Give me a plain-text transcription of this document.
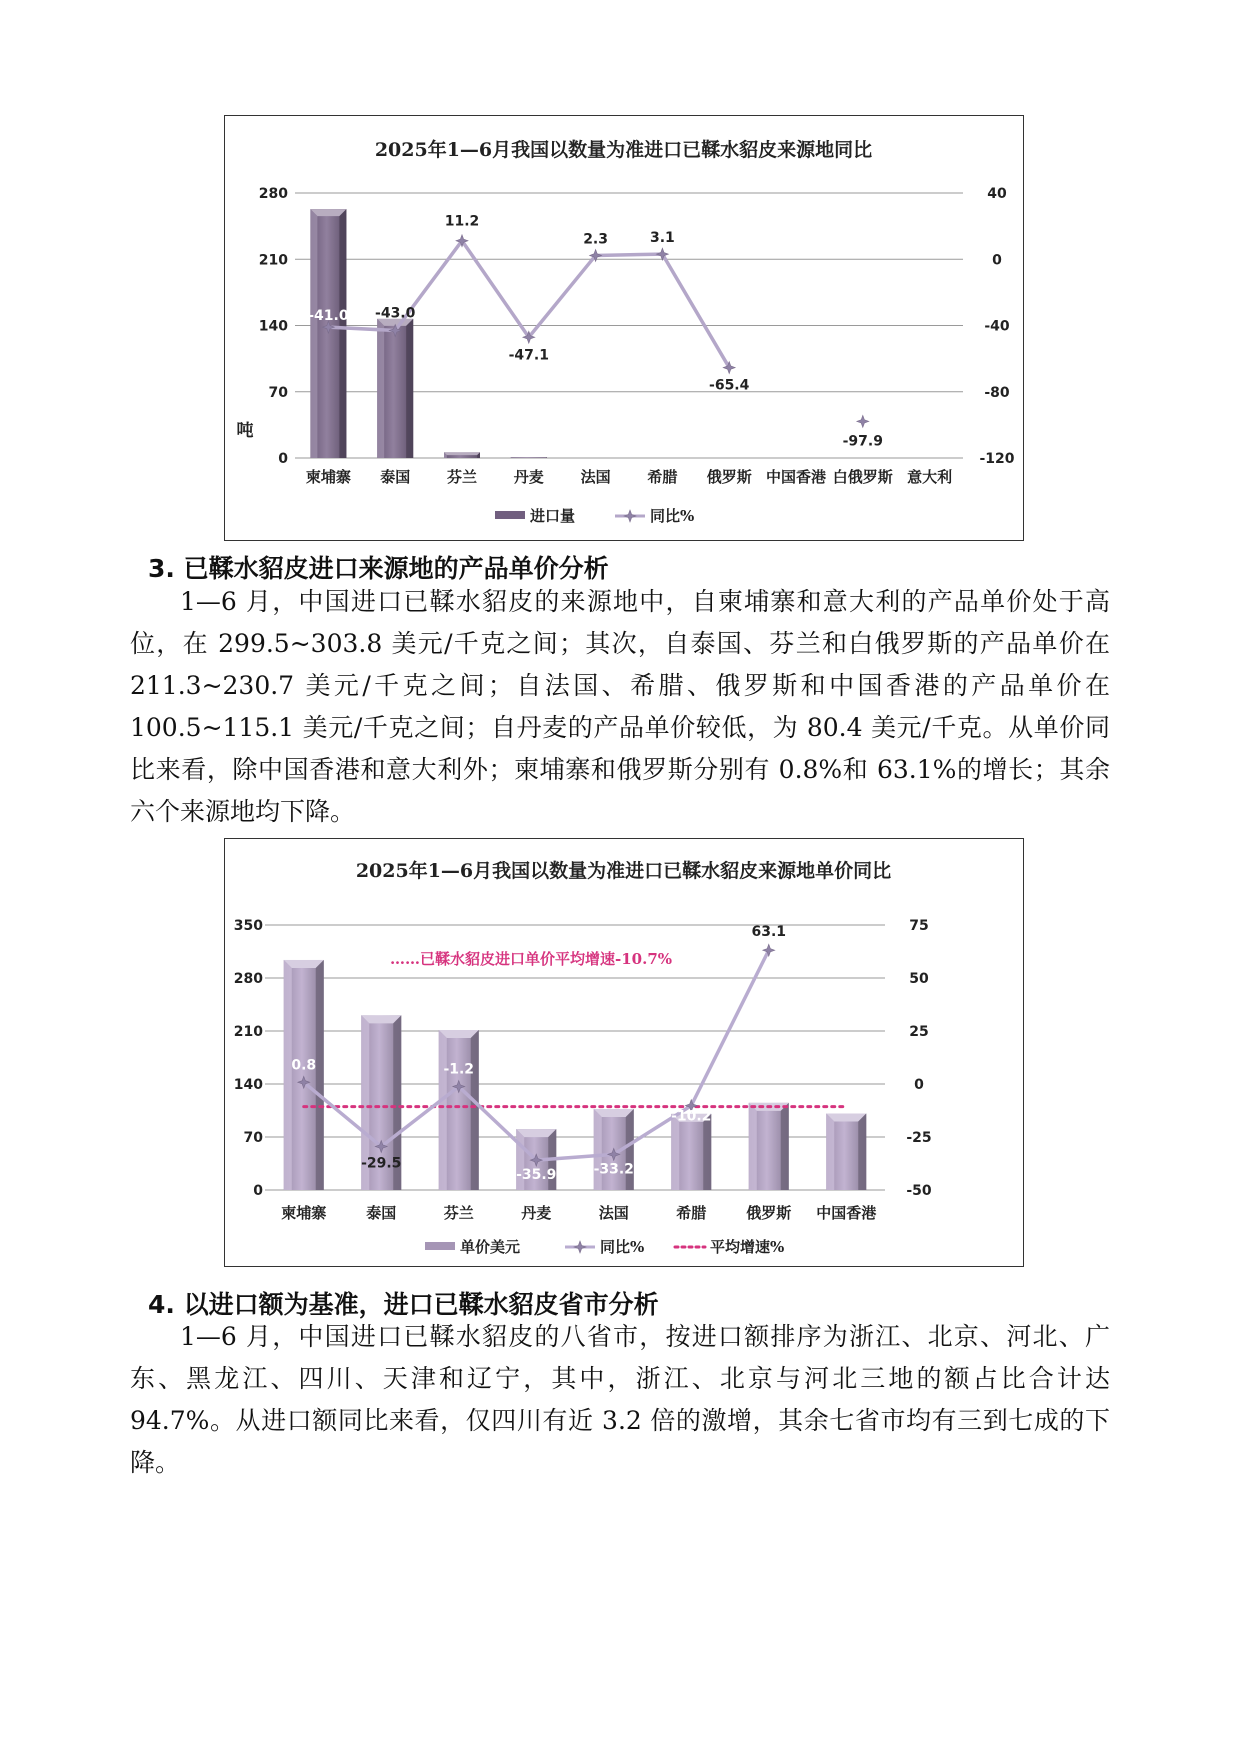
2025年1—6月我国以数量为准进口已鞣水貂皮来源地同比
0
70
140
210
280
-120
-80
-40
0
40
吨
柬埔寨 泰国 芬兰 丹麦 法国 希腊 俄罗斯 中国香港 白俄罗斯 意大利
-41.0 -43.0
11.2
-47.1
2.3	3.1
-65.4
-97.9
进口量	同比%
3. 已鞣水貂皮进口来源地的产品单价分析

1—6 月，中国进口已鞣水貂皮的来源地中，自柬埔寨和意大利的产品单价处于高位，在 299.5~303.8 美元/千克之间；其次，自泰国、芬兰和白俄罗斯的产品单价在 211.3~230.7 美元/千克之间；自法国、希腊、俄罗斯和中国香港的产品单价在 100.5~115.1 美元/千克之间；自丹麦的产品单价较低，为 80.4 美元/千克。从单价同比来看，除中国香港和意大利外；柬埔寨和俄罗斯分别有 0.8%和 63.1%的增长；其余六个来源地均下降。

2025年1—6月我国以数量为准进口已鞣水貂皮来源地单价同比
0
70
140
210
280
350
-50
-25
0
25
50
75
柬埔寨	泰国	芬兰	丹麦	法国	希腊	俄罗斯 中国香港
……已鞣水貂皮进口单价平均增速-10.7%
0.8
-29.5
-1.2
-35.9	-33.2
-10.2
63.1
单价美元	同比%	平均增速%
4. 以进口额为基准，进口已鞣水貂皮省市分析

1—6 月，中国进口已鞣水貂皮的八省市，按进口额排序为浙江、北京、河北、广东、黑龙江、四川、天津和辽宁，其中，浙江、北京与河北三地的额占比合计达 94.7%。从进口额同比来看，仅四川有近 3.2 倍的激增，其余七省市均有三到七成的下降。
